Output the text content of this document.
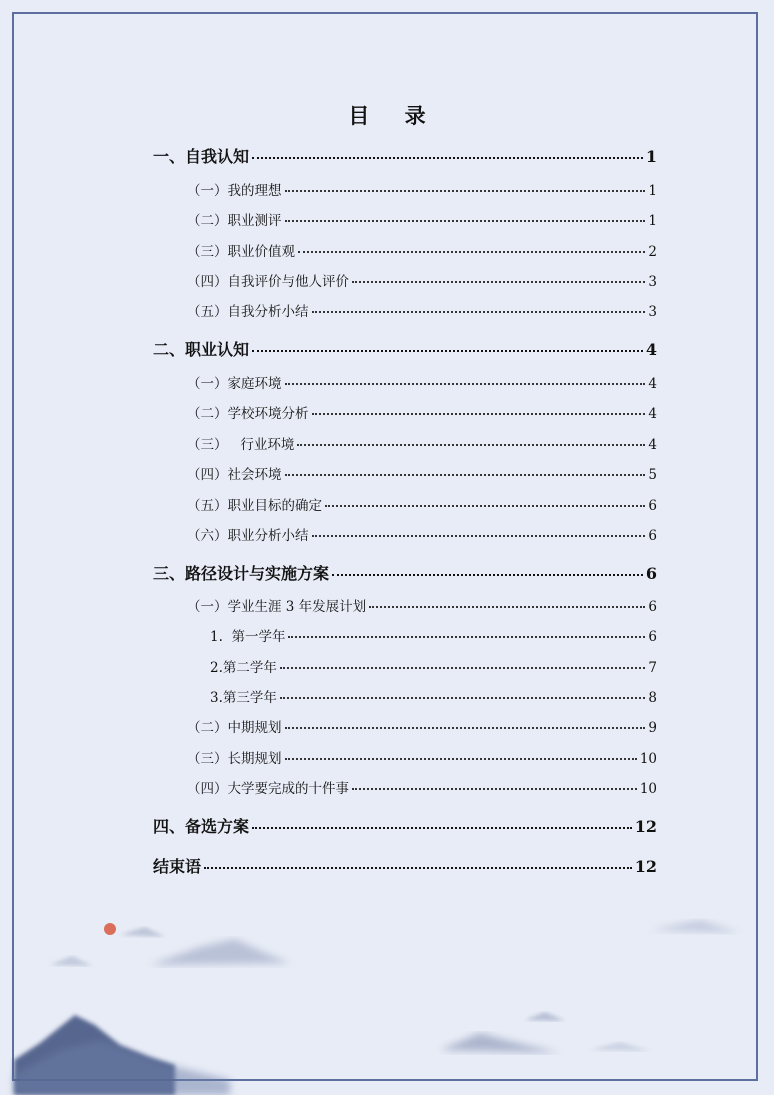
目 录
一、自我认知	1
（一）我的理想	1
（二）职业测评	1
（三）职业价值观	2
（四）自我评价与他人评价	3
（五）自我分析小结	3
二、职业认知	4
（一）家庭环境	4
（二）学校环境分析	4
（三）   行业环境	4
（四）社会环境	5
（五）职业目标的确定	6
（六）职业分析小结	6
三、路径设计与实施方案	6
（一）学业生涯 3 年发展计划	6
1.  第一学年	6
2.第二学年	7
3.第三学年	8
（二）中期规划	9
（三）长期规划	10
（四）大学要完成的十件事	10
四、备选方案	12
结束语	12
